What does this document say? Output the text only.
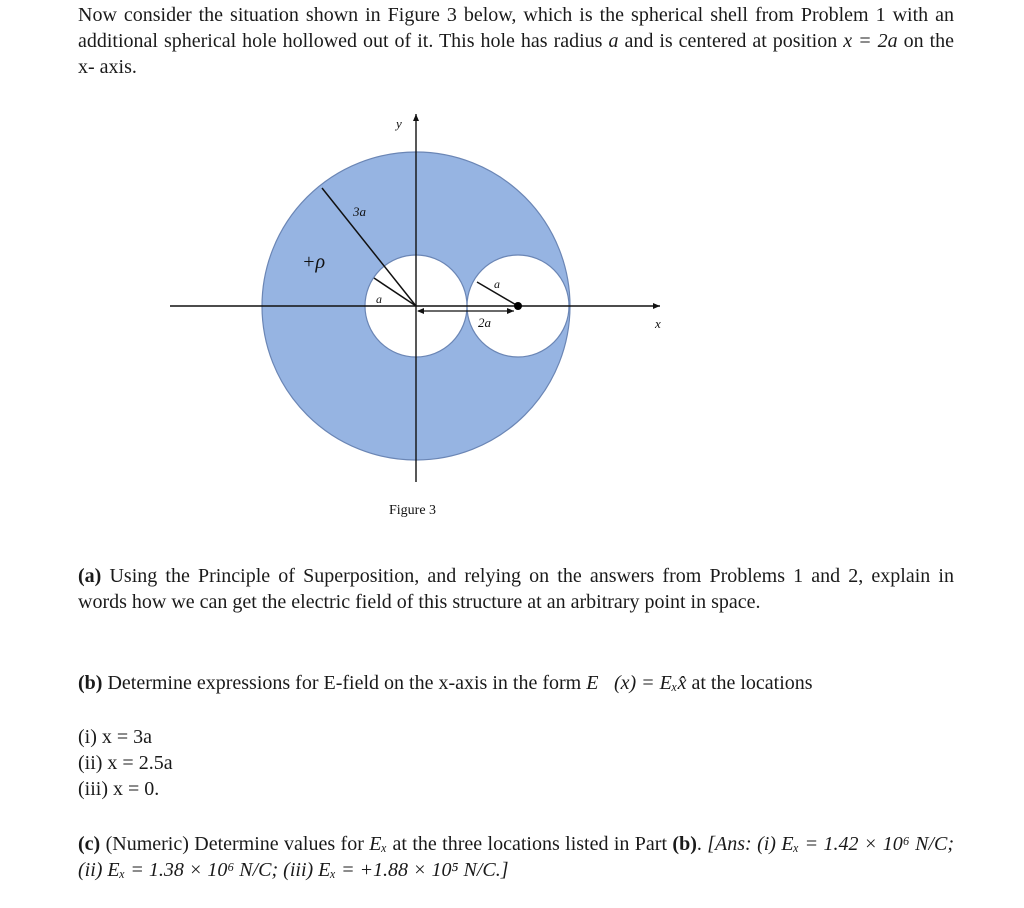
Now consider the situation shown in Figure 3 below, which is the spherical shell from Problem 1 with an additional spherical hole hollowed out of it. This hole has radius a and is centered at position x = 2a on the x- axis.
y
x
3a
+ρ
a
a
2a
Figure 3
(a) Using the Principle of Superposition, and relying on the answers from Problems 1 and 2, explain in words how we can get the electric field of this structure at an arbitrary point in space.
(b) Determine expressions for E-field on the x-axis in the form E⃗(x) = Eₓx̂ at the locations
(i) x = 3a
(ii) x = 2.5a
(iii) x = 0.
(c) (Numeric) Determine values for Eₓ at the three locations listed in Part (b). [Ans: (i) Eₓ = 1.42 × 10⁶ N/C; (ii) Eₓ = 1.38 × 10⁶ N/C; (iii) Eₓ = +1.88 × 10⁵ N/C.]
